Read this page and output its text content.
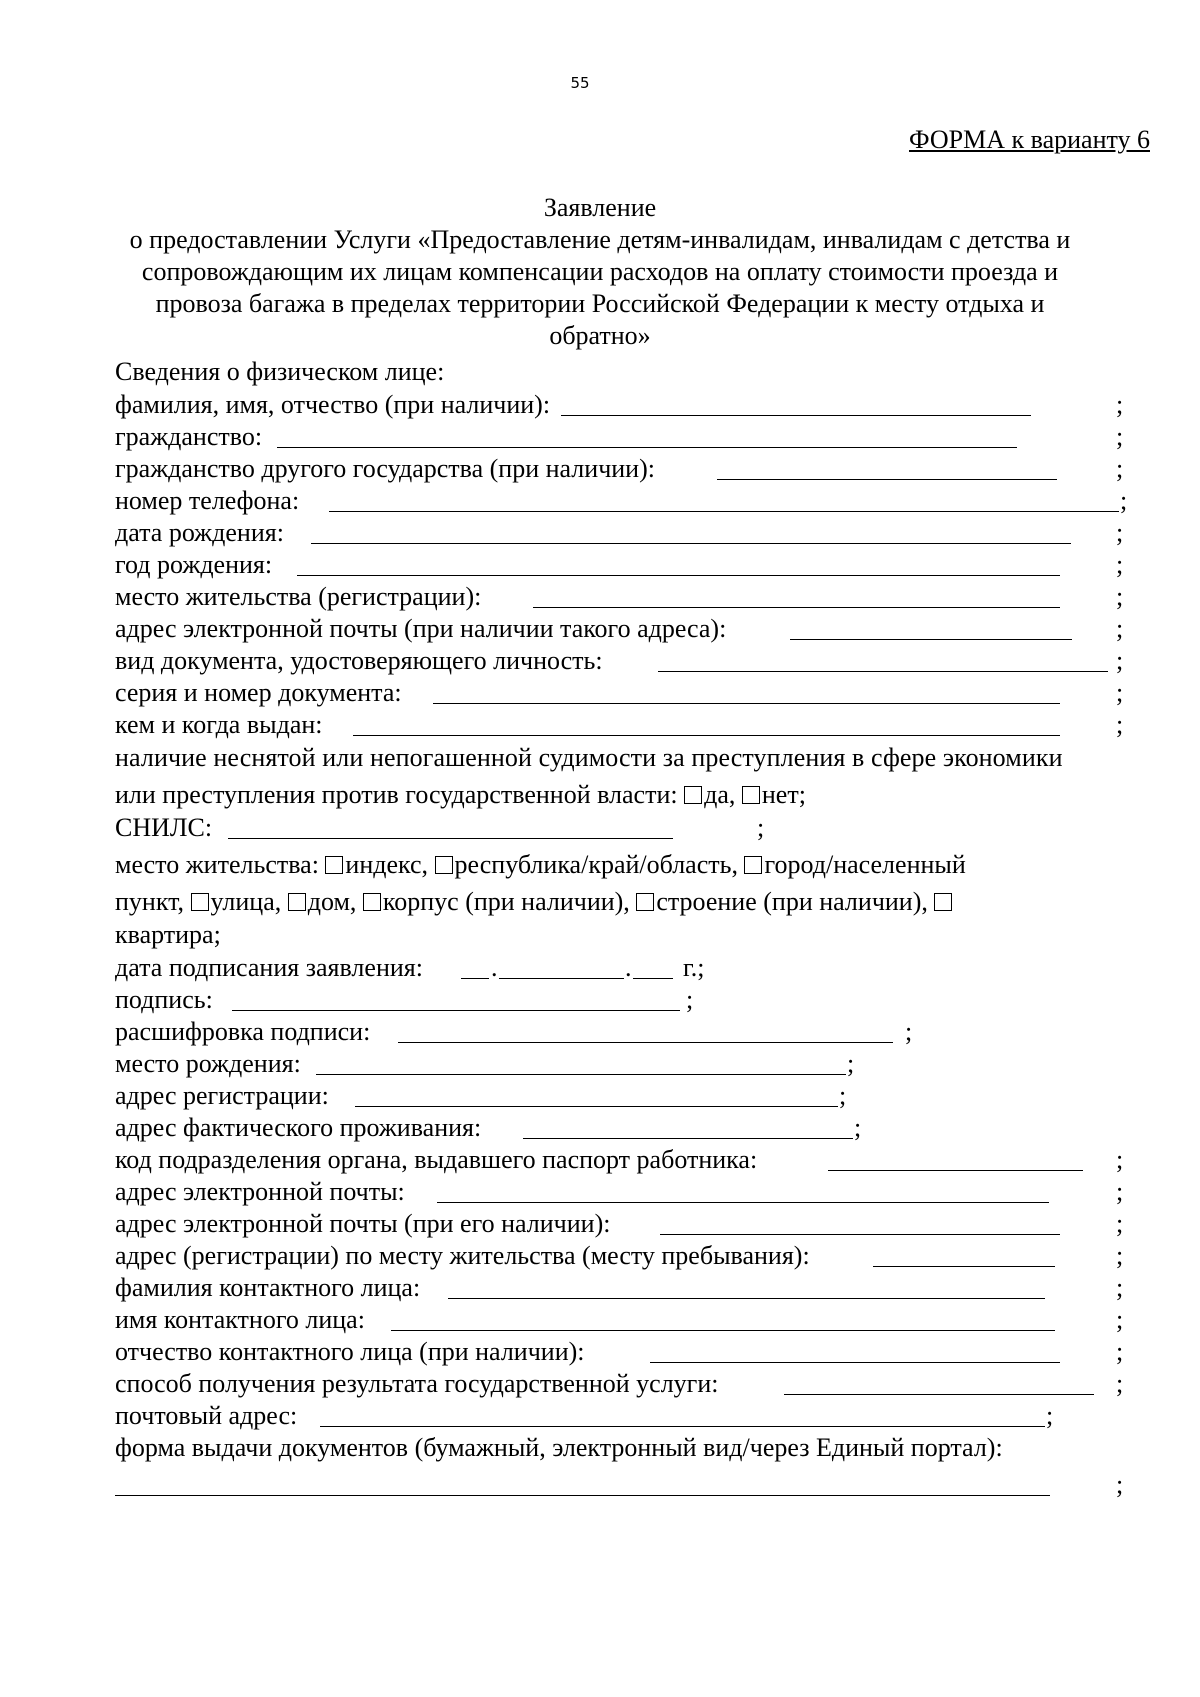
55
ФОРМА к варианту 6
Заявление
о предоставлении Услуги «Предоставление детям-инвалидам, инвалидам с детства и
сопровождающим их лицам компенсации расходов на оплату стоимости проезда и
провоза багажа в пределах территории Российской Федерации к месту отдыха и
обратно»
Сведения о физическом лице:
фамилия, имя, отчество (при наличии):	;
гражданство:	;
гражданство другого государства (при наличии):	;
номер телефона:	;
дата рождения:	;
год рождения:	;
место жительства (регистрации):	;
адрес электронной почты (при наличии такого адреса):	;
вид документа, удостоверяющего личность:	;
серия и номер документа:	;
кем и когда выдан:	;
наличие неснятой или непогашенной судимости за преступления в сфере экономики
или преступления против государственной власти: да, нет;
СНИЛС:	;
место жительства: индекс, республика/край/область, город/населенный
пункт, улица, дом, корпус (при наличии), строение (при наличии),
квартира;
дата подписания заявления:	.	. г.;
подпись:	;
расшифровка подписи:	;
место рождения:	;
адрес регистрации:	;
адрес фактического проживания:	;
код подразделения органа, выдавшего паспорт работника:	;
адрес электронной почты:	;
адрес электронной почты (при его наличии):	;
адрес (регистрации) по месту жительства (месту пребывания):	;
фамилия контактного лица:	;
имя контактного лица:	;
отчество контактного лица (при наличии):	;
способ получения результата государственной услуги:	;
почтовый адрес:	;
форма выдачи документов (бумажный, электронный вид/через Единый портал):
;
